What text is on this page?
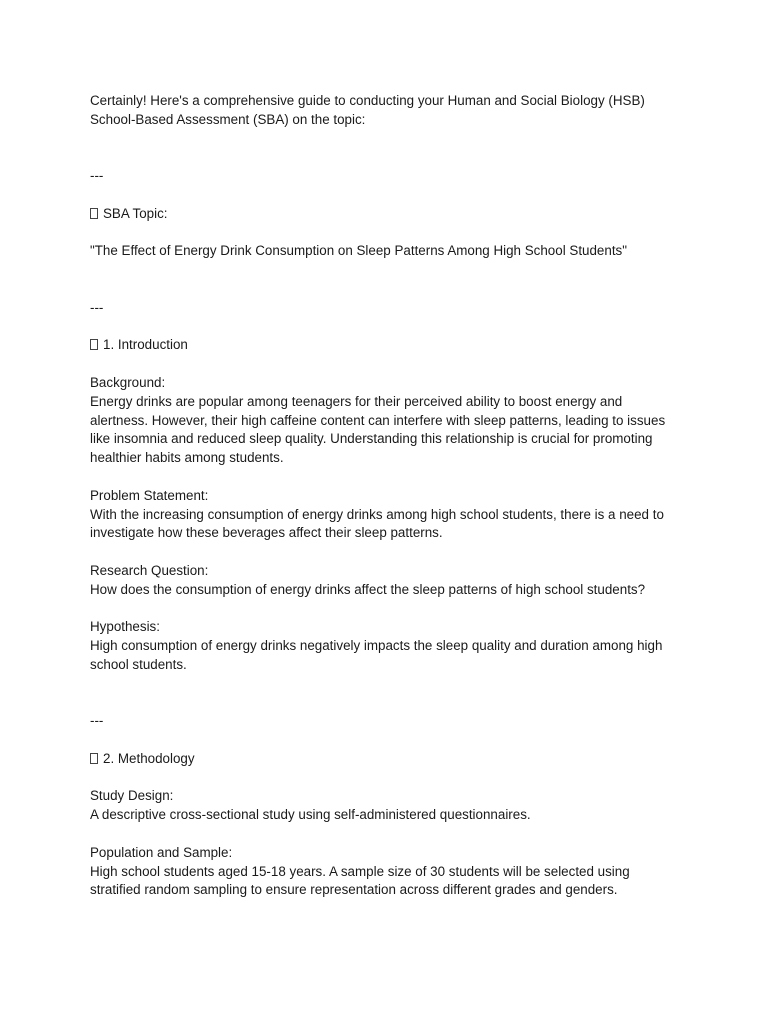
Certainly! Here's a comprehensive guide to conducting your Human and Social Biology (HSB) School-Based Assessment (SBA) on the topic:

---

SBA Topic:

"The Effect of Energy Drink Consumption on Sleep Patterns Among High School Students"

---

1. Introduction

Background:

Energy drinks are popular among teenagers for their perceived ability to boost energy and alertness. However, their high caffeine content can interfere with sleep patterns, leading to issues like insomnia and reduced sleep quality. Understanding this relationship is crucial for promoting healthier habits among students.

Problem Statement:

With the increasing consumption of energy drinks among high school students, there is a need to investigate how these beverages affect their sleep patterns.

Research Question:

How does the consumption of energy drinks affect the sleep patterns of high school students?

Hypothesis:

High consumption of energy drinks negatively impacts the sleep quality and duration among high school students.

---

2. Methodology

Study Design:

A descriptive cross-sectional study using self-administered questionnaires.

Population and Sample:

High school students aged 15-18 years. A sample size of 30 students will be selected using stratified random sampling to ensure representation across different grades and genders.
